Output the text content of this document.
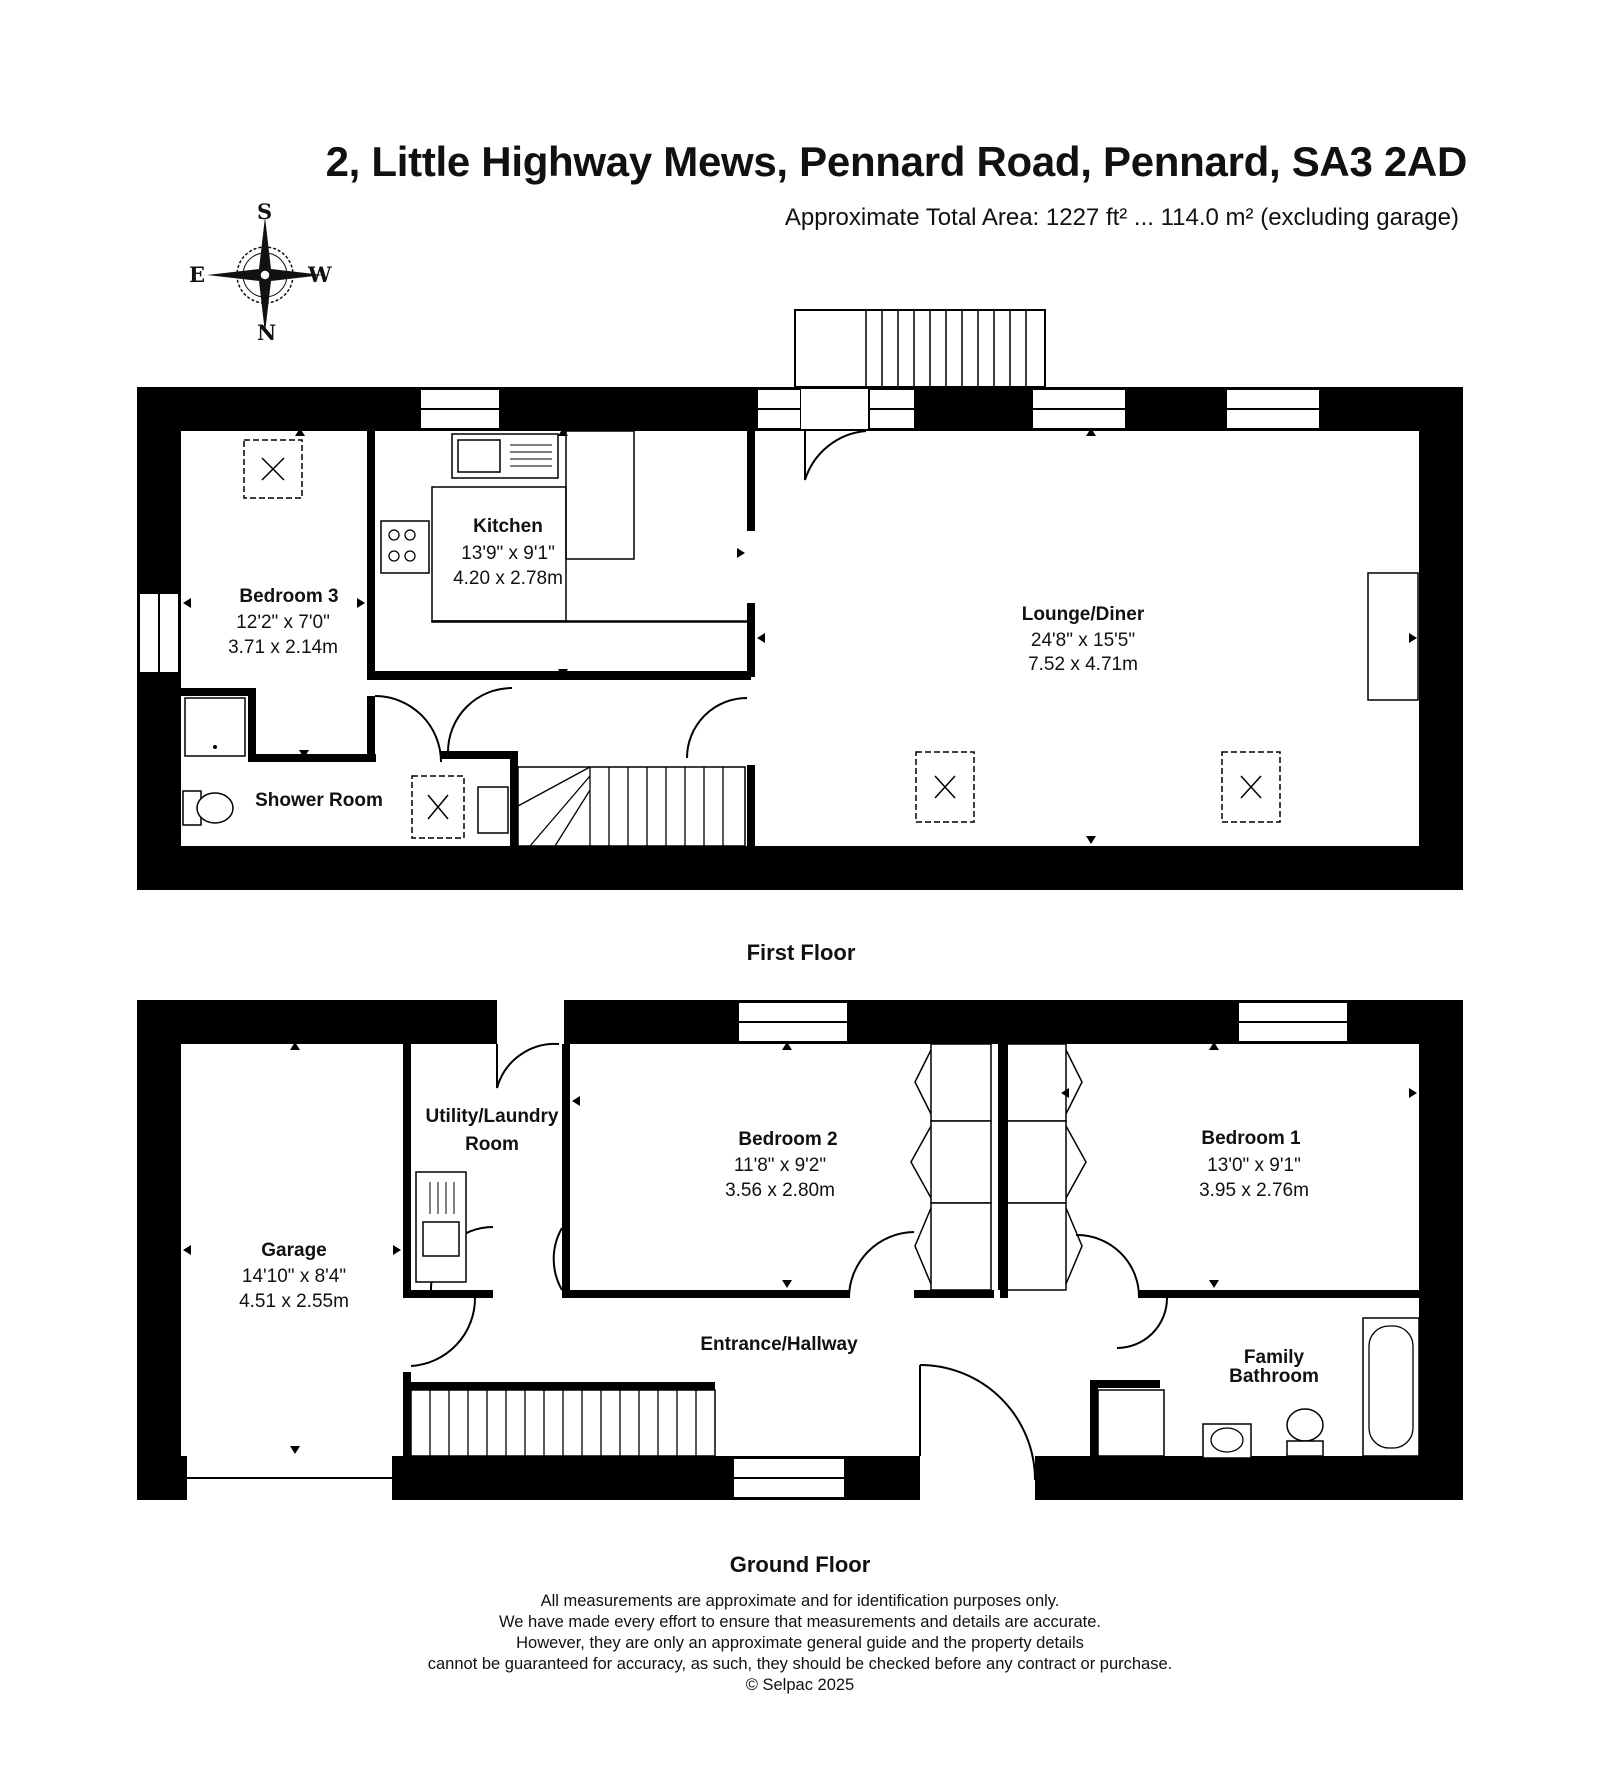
2, Little Highway Mews, Pennard Road, Pennard, SA3 2AD
Approximate Total Area: 1227 ft² ... 114.0 m² (excluding garage)
S
N
E	W
Kitchen
13'9" x 9'1"
4.20 x 2.78m
Bedroom 3
12'2" x 7'0"
3.71 x 2.14m
Lounge/Diner
24'8" x 15'5"
7.52 x 4.71m
Shower Room
First Floor
Utility/Laundry
Room	Bedroom 2
11'8" x 9'2"
3.56 x 2.80m
Bedroom 1
13'0" x 9'1"
3.95 x 2.76m
Garage
14'10" x 8'4"
4.51 x 2.55m
Entrance/Hallway
Family
Bathroom
Ground Floor
All measurements are approximate and for identification purposes only.
We have made every effort to ensure that measurements and details are accurate.
However, they are only an approximate general guide and the property details
cannot be guaranteed for accuracy, as such, they should be checked before any contract or purchase.
© Selpac 2025
